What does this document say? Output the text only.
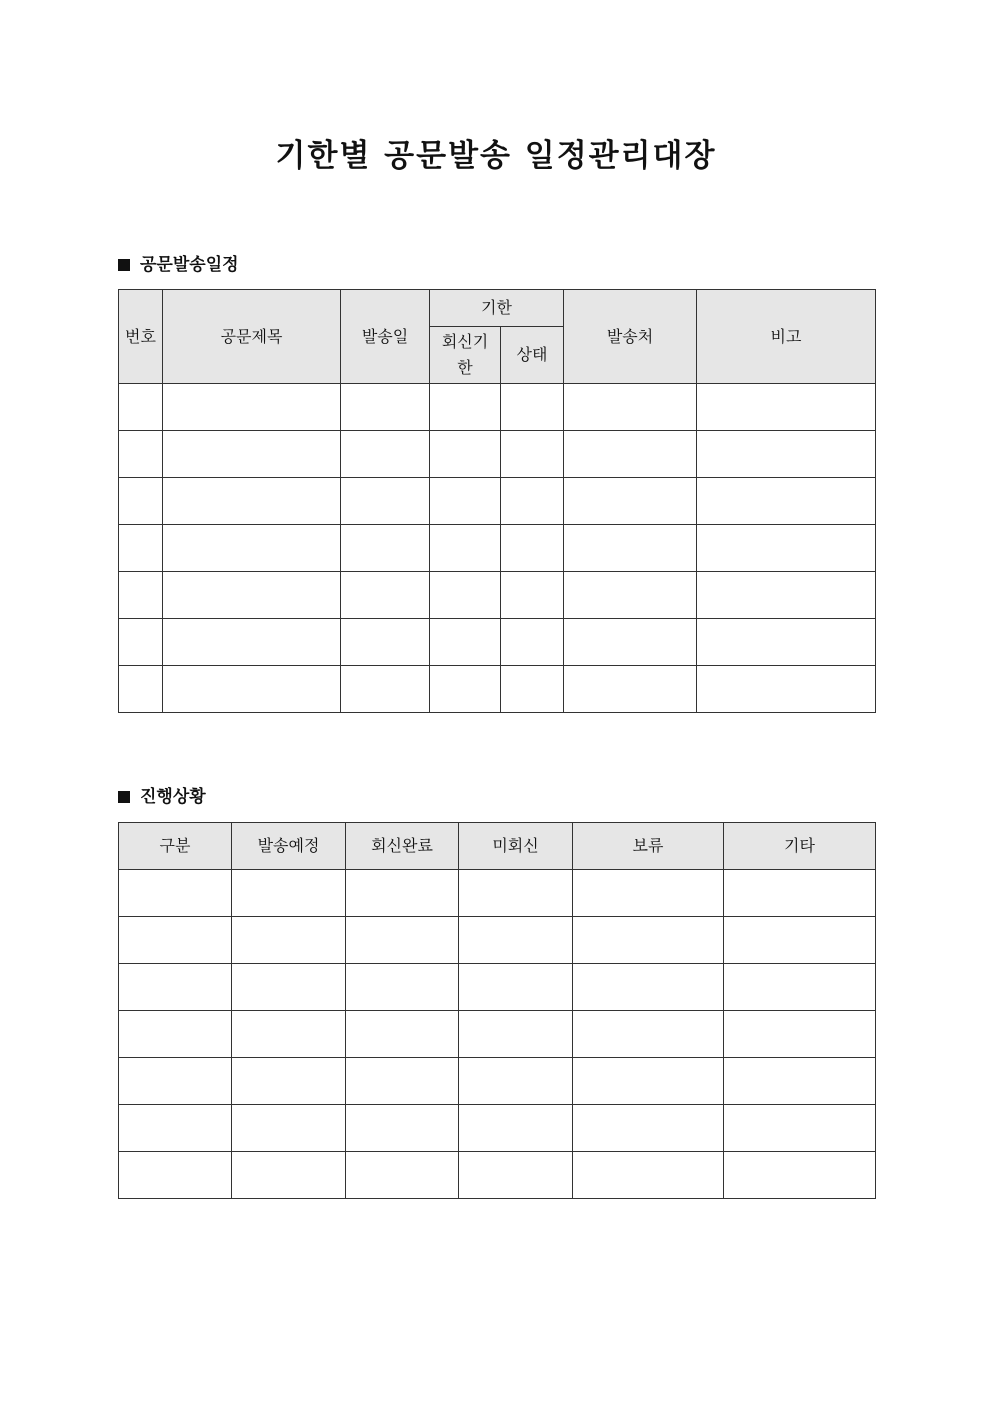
기한별 공문발송 일정관리대장
공문발송일정
번호	공문제목	발송일	기한		발송처	비고
			회신기한	상태		

진행상황
구분	발송예정	회신완료	미회신	보류	기타
